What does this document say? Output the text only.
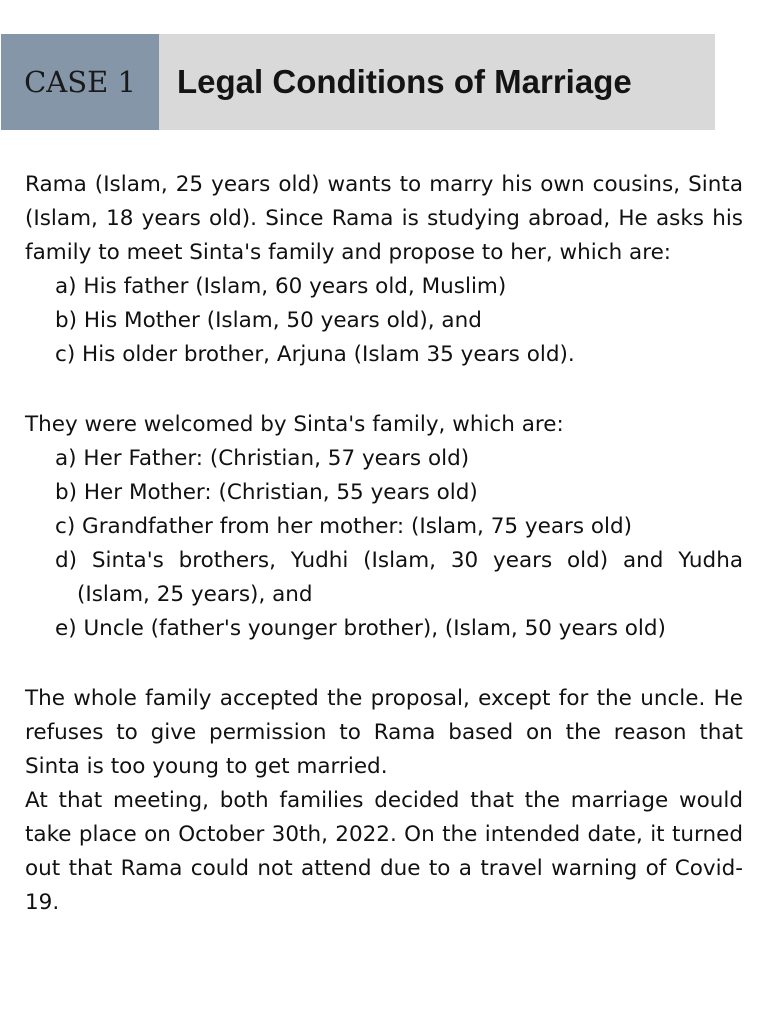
CASE 1	Legal Conditions of Marriage

Rama (Islam, 25 years old) wants to marry his own cousins, Sinta (Islam, 18 years old). Since Rama is studying abroad, He asks his family to meet Sinta's family and propose to her, which are:

a) His father (Islam, 60 years old, Muslim)
b) His Mother (Islam, 50 years old), and
c) His older brother, Arjuna (Islam 35 years old).

They were welcomed by Sinta's family, which are:

a) Her Father: (Christian, 57 years old)
b) Her Mother: (Christian, 55 years old)
c) Grandfather from her mother: (Islam, 75 years old)
d) Sinta's brothers, Yudhi (Islam, 30 years old) and Yudha (Islam, 25 years), and
e) Uncle (father's younger brother), (Islam, 50 years old)

The whole family accepted the proposal, except for the uncle. He refuses to give permission to Rama based on the reason that Sinta is too young to get married.

At that meeting, both families decided that the marriage would take place on October 30th, 2022. On the intended date, it turned out that Rama could not attend due to a travel warning of Covid-19.
